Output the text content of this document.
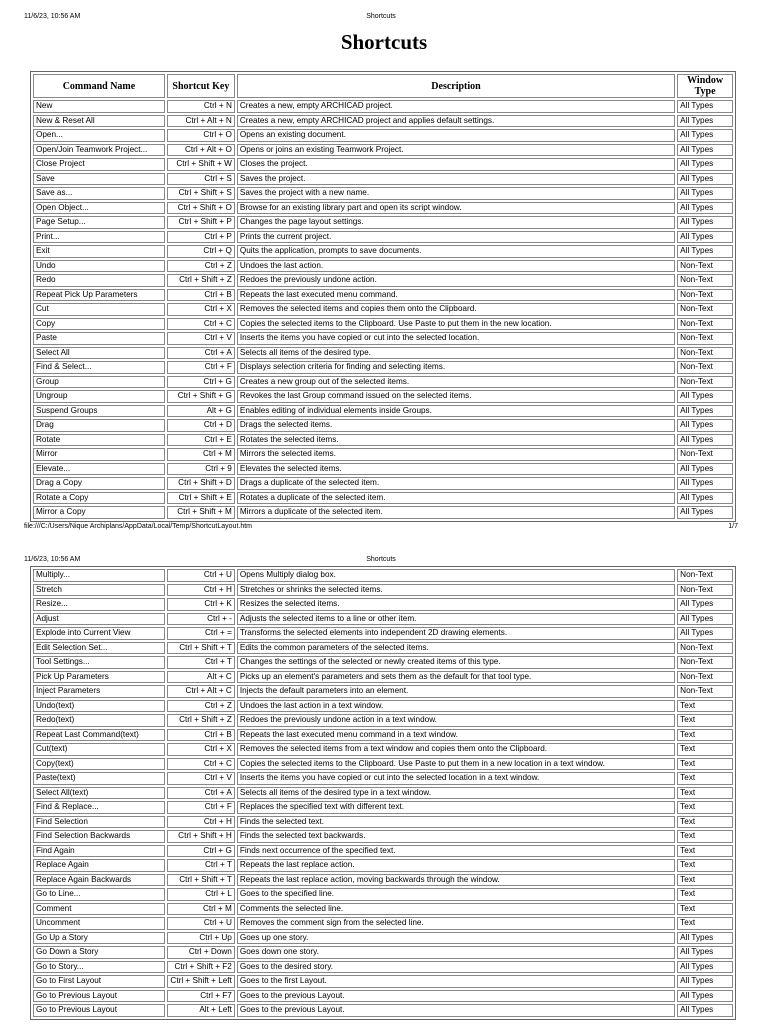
11/6/23, 10:56 AM	Shortcuts
Shortcuts
Command Name	Shortcut Key	Description	Window Type
New	Ctrl + N	Creates a new, empty ARCHICAD project.	All Types
New & Reset All	Ctrl + Alt + N	Creates a new, empty ARCHICAD project and applies default settings.	All Types
Open...	Ctrl + O	Opens an existing document.	All Types
Open/Join Teamwork Project...	Ctrl + Alt + O	Opens or joins an existing Teamwork Project.	All Types
Close Project	Ctrl + Shift + W	Closes the project.	All Types
Save	Ctrl + S	Saves the project.	All Types
Save as...	Ctrl + Shift + S	Saves the project with a new name.	All Types
Open Object...	Ctrl + Shift + O	Browse for an existing library part and open its script window.	All Types
Page Setup...	Ctrl + Shift + P	Changes the page layout settings.	All Types
Print...	Ctrl + P	Prints the current project.	All Types
Exit	Ctrl + Q	Quits the application, prompts to save documents.	All Types
Undo	Ctrl + Z	Undoes the last action.	Non-Text
Redo	Ctrl + Shift + Z	Redoes the previously undone action.	Non-Text
Repeat Pick Up Parameters	Ctrl + B	Repeats the last executed menu command.	Non-Text
Cut	Ctrl + X	Removes the selected items and copies them onto the Clipboard.	Non-Text
Copy	Ctrl + C	Copies the selected items to the Clipboard. Use Paste to put them in the new location.	Non-Text
Paste	Ctrl + V	Inserts the items you have copied or cut into the selected location.	Non-Text
Select All	Ctrl + A	Selects all items of the desired type.	Non-Text
Find & Select...	Ctrl + F	Displays selection criteria for finding and selecting items.	Non-Text
Group	Ctrl + G	Creates a new group out of the selected items.	Non-Text
Ungroup	Ctrl + Shift + G	Revokes the last Group command issued on the selected items.	All Types
Suspend Groups	Alt + G	Enables editing of individual elements inside Groups.	All Types
Drag	Ctrl + D	Drags the selected items.	All Types
Rotate	Ctrl + E	Rotates the selected items.	All Types
Mirror	Ctrl + M	Mirrors the selected items.	Non-Text
Elevate...	Ctrl + 9	Elevates the selected items.	All Types
Drag a Copy	Ctrl + Shift + D	Drags a duplicate of the selected item.	All Types
Rotate a Copy	Ctrl + Shift + E	Rotates a duplicate of the selected item.	All Types
Mirror a Copy	Ctrl + Shift + M	Mirrors a duplicate of the selected item.	All Types
file:///C:/Users/Nique Archiplans/AppData/Local/Temp/ShortcutLayout.htm	1/7
11/6/23, 10:56 AM	Shortcuts
Multiply...	Ctrl + U	Opens Multiply dialog box.	Non-Text
Stretch	Ctrl + H	Stretches or shrinks the selected items.	Non-Text
Resize...	Ctrl + K	Resizes the selected items.	All Types
Adjust	Ctrl + -	Adjusts the selected items to a line or other item.	All Types
Explode into Current View	Ctrl + =	Transforms the selected elements into independent 2D drawing elements.	All Types
Edit Selection Set...	Ctrl + Shift + T	Edits the common parameters of the selected items.	Non-Text
Tool Settings...	Ctrl + T	Changes the settings of the selected or newly created items of this type.	Non-Text
Pick Up Parameters	Alt + C	Picks up an element's parameters and sets them as the default for that tool type.	Non-Text
Inject Parameters	Ctrl + Alt + C	Injects the default parameters into an element.	Non-Text
Undo(text)	Ctrl + Z	Undoes the last action in a text window.	Text
Redo(text)	Ctrl + Shift + Z	Redoes the previously undone action in a text window.	Text
Repeat Last Command(text)	Ctrl + B	Repeats the last executed menu command in a text window.	Text
Cut(text)	Ctrl + X	Removes the selected items from a text window and copies them onto the Clipboard.	Text
Copy(text)	Ctrl + C	Copies the selected items to the Clipboard. Use Paste to put them in a new location in a text window.	Text
Paste(text)	Ctrl + V	Inserts the items you have copied or cut into the selected location in a text window.	Text
Select All(text)	Ctrl + A	Selects all items of the desired type in a text window.	Text
Find & Replace...	Ctrl + F	Replaces the specified text with different text.	Text
Find Selection	Ctrl + H	Finds the selected text.	Text
Find Selection Backwards	Ctrl + Shift + H	Finds the selected text backwards.	Text
Find Again	Ctrl + G	Finds next occurrence of the specified text.	Text
Replace Again	Ctrl + T	Repeats the last replace action.	Text
Replace Again Backwards	Ctrl + Shift + T	Repeats the last replace action, moving backwards through the window.	Text
Go to Line...	Ctrl + L	Goes to the specified line.	Text
Comment	Ctrl + M	Comments the selected line.	Text
Uncomment	Ctrl + U	Removes the comment sign from the selected line.	Text
Go Up a Story	Ctrl + Up	Goes up one story.	All Types
Go Down a Story	Ctrl + Down	Goes down one story.	All Types
Go to Story...	Ctrl + Shift + F2	Goes to the desired story.	All Types
Go to First Layout	Ctrl + Shift + Left	Goes to the first Layout.	All Types
Go to Previous Layout	Ctrl + F7	Goes to the previous Layout.	All Types
Go to Previous Layout	Alt + Left	Goes to the previous Layout.	All Types
